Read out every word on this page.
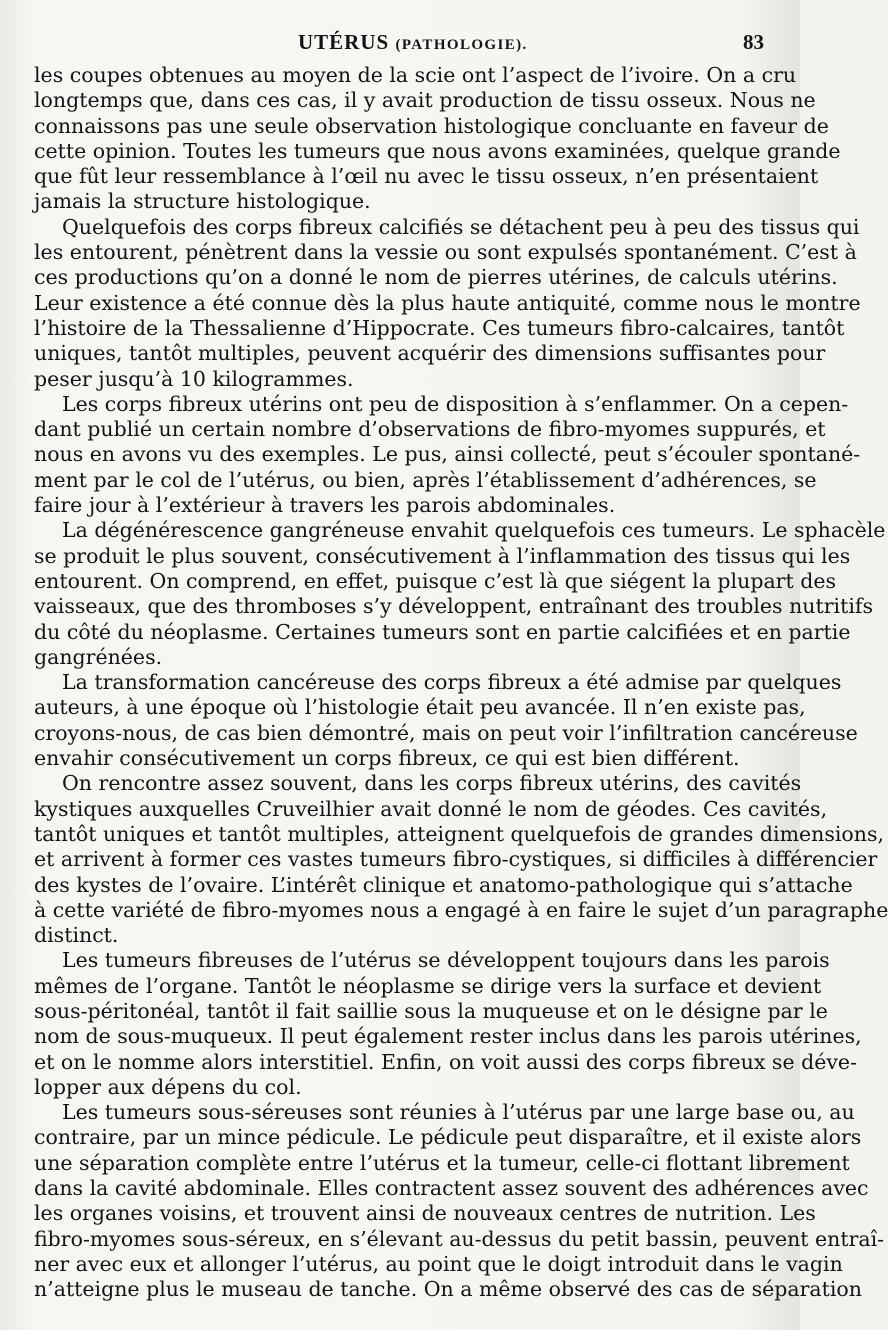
UTÉRUS (PATHOLOGIE).	83
les coupes obtenues au moyen de la scie ont l’aspect de l’ivoire. On a cru
longtemps que, dans ces cas, il y avait production de tissu osseux. Nous ne
connaissons pas une seule observation histologique concluante en faveur de
cette opinion. Toutes les tumeurs que nous avons examinées, quelque grande
que fût leur ressemblance à l’œil nu avec le tissu osseux, n’en présentaient
jamais la structure histologique.
Quelquefois des corps fibreux calcifiés se détachent peu à peu des tissus qui
les entourent, pénètrent dans la vessie ou sont expulsés spontanément. C’est à
ces productions qu’on a donné le nom de pierres utérines, de calculs utérins.
Leur existence a été connue dès la plus haute antiquité, comme nous le montre
l’histoire de la Thessalienne d’Hippocrate. Ces tumeurs fibro-calcaires, tantôt
uniques, tantôt multiples, peuvent acquérir des dimensions suffisantes pour
peser jusqu’à 10 kilogrammes.
Les corps fibreux utérins ont peu de disposition à s’enflammer. On a cepen-
dant publié un certain nombre d’observations de fibro-myomes suppurés, et
nous en avons vu des exemples. Le pus, ainsi collecté, peut s’écouler spontané-
ment par le col de l’utérus, ou bien, après l’établissement d’adhérences, se
faire jour à l’extérieur à travers les parois abdominales.
La dégénérescence gangréneuse envahit quelquefois ces tumeurs. Le sphacèle
se produit le plus souvent, consécutivement à l’inflammation des tissus qui les
entourent. On comprend, en effet, puisque c’est là que siégent la plupart des
vaisseaux, que des thromboses s’y développent, entraînant des troubles nutritifs
du côté du néoplasme. Certaines tumeurs sont en partie calcifiées et en partie
gangrénées.
La transformation cancéreuse des corps fibreux a été admise par quelques
auteurs, à une époque où l’histologie était peu avancée. Il n’en existe pas,
croyons-nous, de cas bien démontré, mais on peut voir l’infiltration cancéreuse
envahir consécutivement un corps fibreux, ce qui est bien différent.
On rencontre assez souvent, dans les corps fibreux utérins, des cavités
kystiques auxquelles Cruveilhier avait donné le nom de géodes. Ces cavités,
tantôt uniques et tantôt multiples, atteignent quelquefois de grandes dimensions,
et arrivent à former ces vastes tumeurs fibro-cystiques, si difficiles à différencier
des kystes de l’ovaire. L’intérêt clinique et anatomo-pathologique qui s’attache
à cette variété de fibro-myomes nous a engagé à en faire le sujet d’un paragraphe
distinct.
Les tumeurs fibreuses de l’utérus se développent toujours dans les parois
mêmes de l’organe. Tantôt le néoplasme se dirige vers la surface et devient
sous-péritonéal, tantôt il fait saillie sous la muqueuse et on le désigne par le
nom de sous-muqueux. Il peut également rester inclus dans les parois utérines,
et on le nomme alors interstitiel. Enfin, on voit aussi des corps fibreux se déve-
lopper aux dépens du col.
Les tumeurs sous-séreuses sont réunies à l’utérus par une large base ou, au
contraire, par un mince pédicule. Le pédicule peut disparaître, et il existe alors
une séparation complète entre l’utérus et la tumeur, celle-ci flottant librement
dans la cavité abdominale. Elles contractent assez souvent des adhérences avec
les organes voisins, et trouvent ainsi de nouveaux centres de nutrition. Les
fibro-myomes sous-séreux, en s’élevant au-dessus du petit bassin, peuvent entraî-
ner avec eux et allonger l’utérus, au point que le doigt introduit dans le vagin
n’atteigne plus le museau de tanche. On a même observé des cas de séparation
